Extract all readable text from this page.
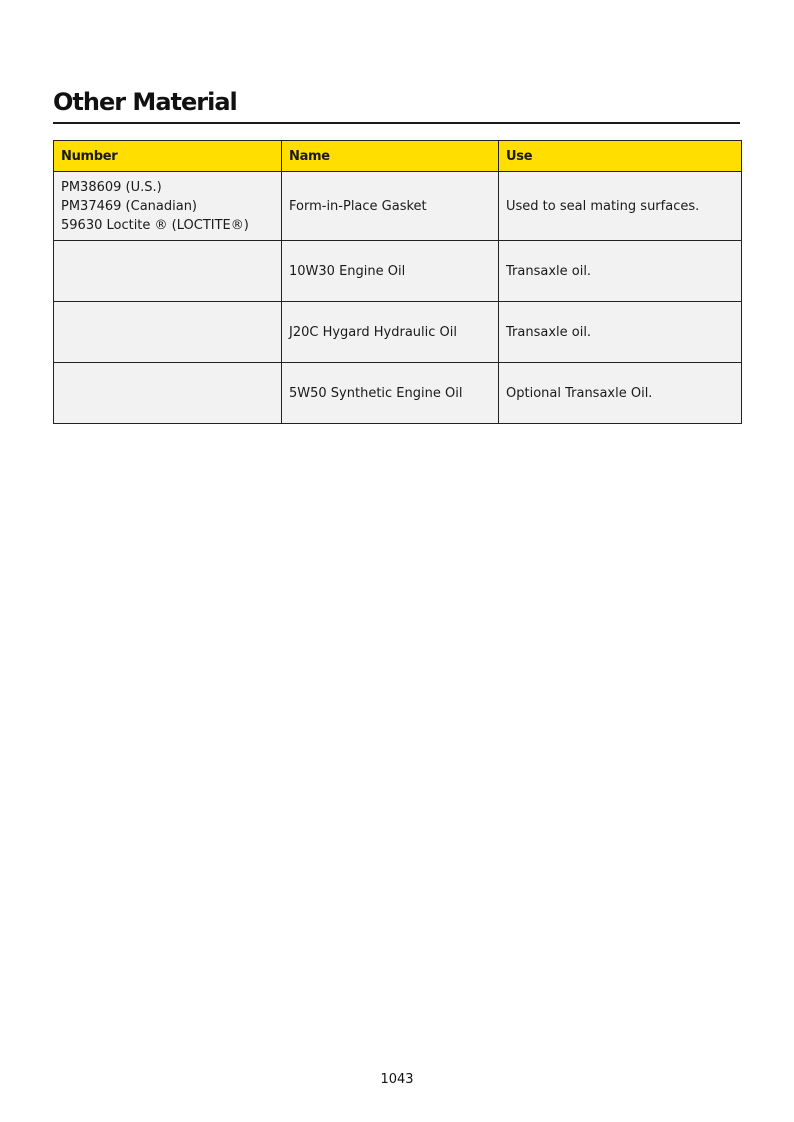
Other Material
Number	Name	Use

PM38609 (U.S.)
PM37469 (Canadian)
59630 Loctite ® (LOCTITE®)	Form-in-Place Gasket	Used to seal mating surfaces.
	10W30 Engine Oil	Transaxle oil.
	J20C Hygard Hydraulic Oil	Transaxle oil.
	5W50 Synthetic Engine Oil	Optional Transaxle Oil.
1043
